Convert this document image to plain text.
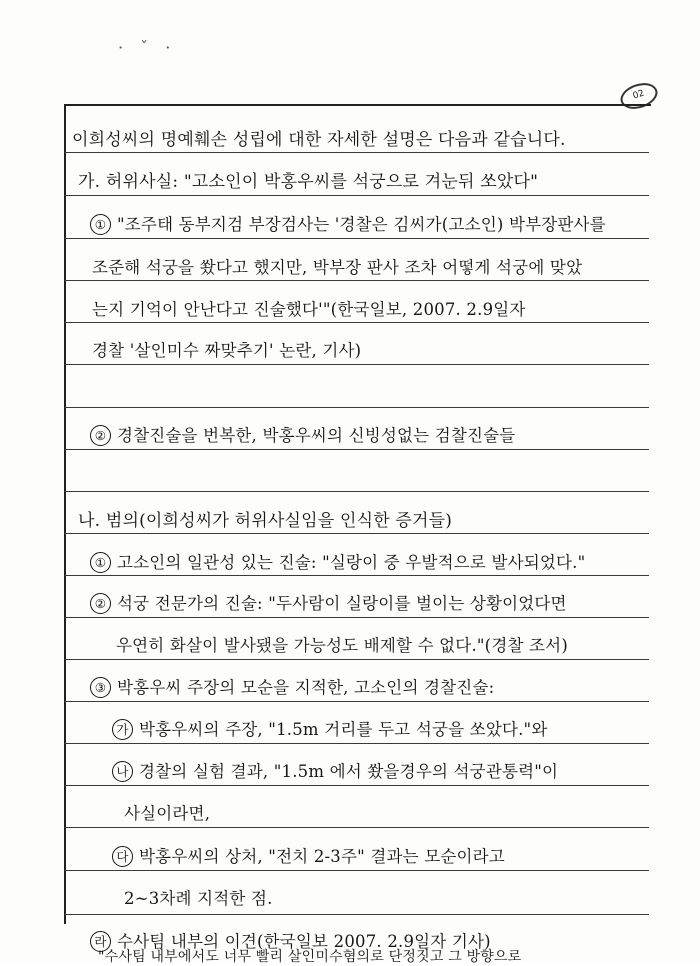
· ˇ ·
02
이희성씨의 명예훼손 성립에 대한 자세한 설명은 다음과 같습니다.
가. 허위사실: "고소인이 박홍우씨를 석궁으로 겨눈뒤 쏘았다"
① "조주태 동부지검 부장검사는 '경찰은 김씨가(고소인) 박부장판사를
조준해 석궁을 쐈다고 했지만, 박부장 판사 조차 어떻게 석궁에 맞았
는지 기억이 안난다고 진술했다'"(한국일보, 2007. 2.9일자
경찰 '살인미수 짜맞추기' 논란, 기사)
② 경찰진술을 번복한, 박홍우씨의 신빙성없는 검찰진술들
나. 범의(이희성씨가 허위사실임을 인식한 증거들)
① 고소인의 일관성 있는 진술: "실랑이 중 우발적으로 발사되었다."
② 석궁 전문가의 진술: "두사람이 실랑이를 벌이는 상황이었다면
우연히 화살이 발사됐을 가능성도 배제할 수 없다."(경찰 조서)
③ 박홍우씨 주장의 모순을 지적한, 고소인의 경찰진술:
가 박홍우씨의 주장, "1.5m 거리를 두고 석궁을 쏘았다."와
나 경찰의 실험 결과, "1.5m 에서 쐈을경우의 석궁관통력"이
사실이라면,
다 박홍우씨의 상처, "전치 2-3주" 결과는 모순이라고
2~3차례 지적한 점.
라 수사팀 내부의 이견(한국일보 2007. 2.9일자 기사)
"수사팀 내부에서도 너무 빨리 살인미수혐의로 단정짓고 그 방향으로
